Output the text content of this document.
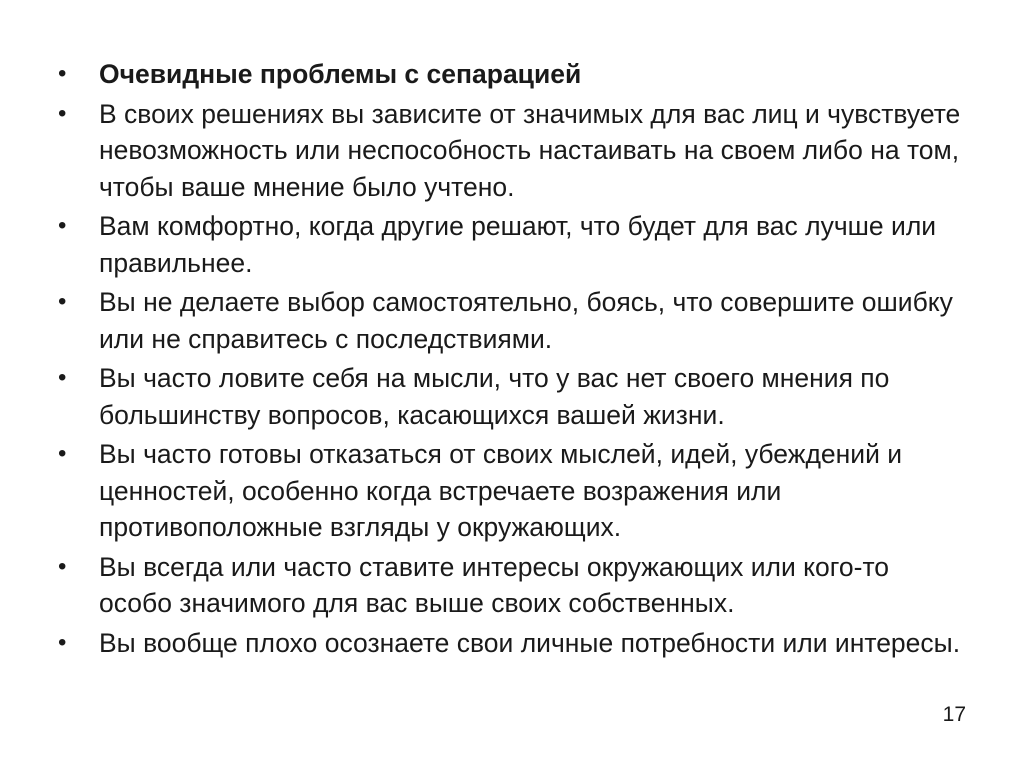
•	Очевидные проблемы с сепарацией
•	В своих решениях вы зависите от значимых для вас лиц и чувствуете невозможность или неспособность настаивать на своем либо на том, чтобы ваше мнение было учтено.
•	Вам комфортно, когда другие решают, что будет для вас лучше или правильнее.
•	Вы не делаете выбор самостоятельно, боясь, что совершите ошибку или не справитесь с последствиями.
•	Вы часто ловите себя на мысли, что у вас нет своего мнения по большинству вопросов, касающихся вашей жизни.
•	Вы часто готовы отказаться от своих мыслей, идей, убеждений и ценностей, особенно когда встречаете возражения или противоположные взгляды у окружающих.
•	Вы всегда или часто ставите интересы окружающих или кого-то особо значимого для вас выше своих собственных.
•	Вы вообще плохо осознаете свои личные потребности или интересы.
17
